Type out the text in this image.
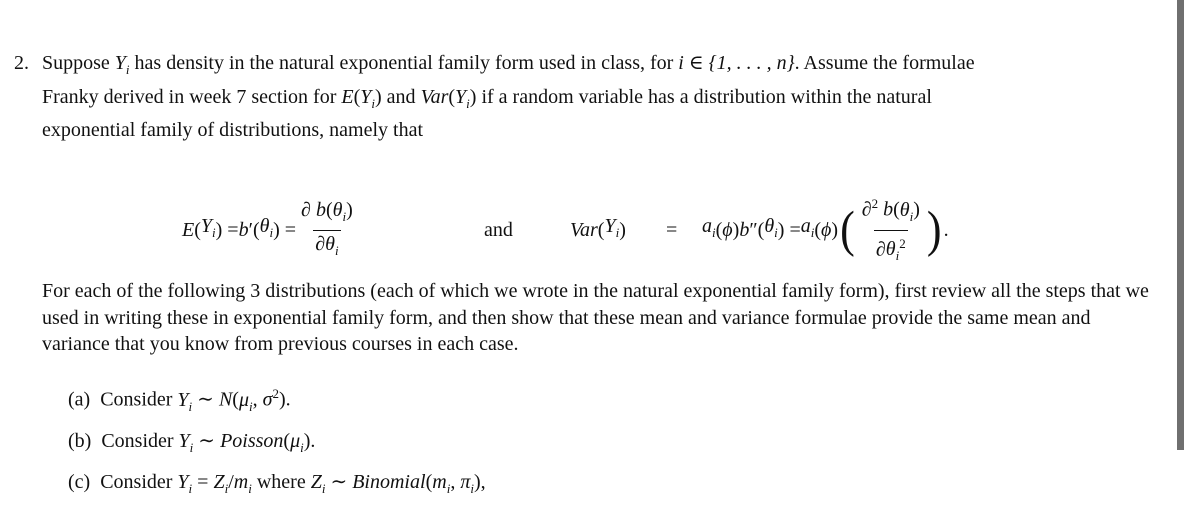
2. Suppose $Y_i$ has density in the natural exponential family form used in class, for i ∈ {1, . . . , n}. Assume the formulae
Franky derived in week 7 section for $E(Y_i)$ and $Var(Y_i)$ if a random variable has a distribution within the natural
exponential family of distributions, namely that

E ( $Y_i$ ) = b ′( $\theta_i$ ) = $\frac{\partial b(\theta_i)}{\partial\theta_i}$	and	Var ( $Y_i$ ) = $a_i$ ( ϕ ) b ″( $\theta_i$ ) = $a_i$ ( ϕ ) ( $\frac{\partial^2 b(\theta_i)}{\partial\theta_i^2}$ ) .

For each of the following 3 distributions (each of which we wrote in the natural exponential family form), first review all the steps that we used in writing these in exponential family form, and then show that these mean and variance formulae provide the same mean and variance that you know from previous courses in each case.

(a) Consider $Y_i$ ∼ $N(\mu_i$, $\sigma^2$).
(b) Consider $Y_i$ ∼ $Poisson(\mu_i)$.
(c) Consider $Y_i = Z_i/m_i$ where $Z_i$ ∼ $Binomial(m_i$, $\pi_i$),
